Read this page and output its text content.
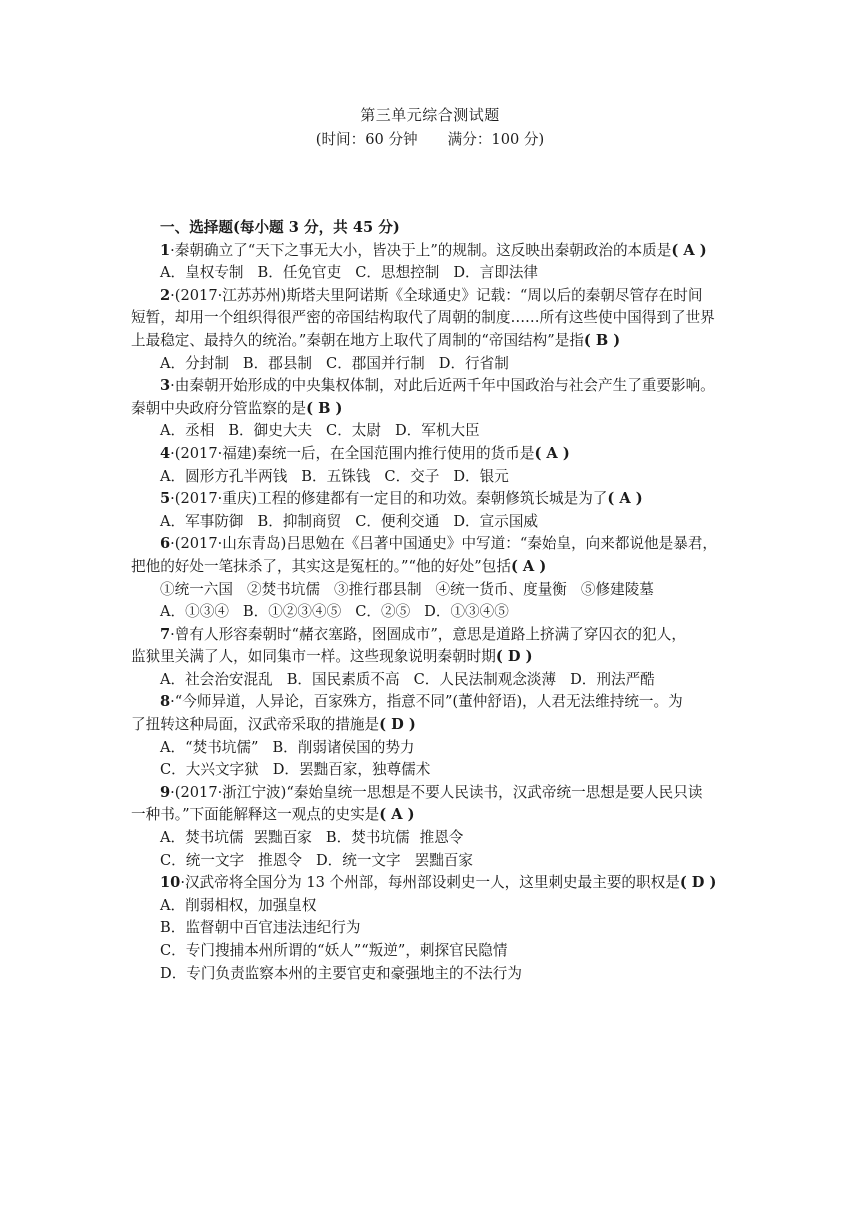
第三单元综合测试题
(时间：60 分钟 满分：100 分)
一、选择题(每小题 3 分，共 45 分)
1·秦朝确立了“天下之事无大小，皆决于上”的规制。这反映出秦朝政治的本质是( A )
A．皇权专制 B．任免官吏 C．思想控制 D．言即法律
2·(2017·江苏苏州)斯塔夫里阿诺斯《全球通史》记载：“周以后的秦朝尽管存在时间
短暂，却用一个组织得很严密的帝国结构取代了周朝的制度……所有这些使中国得到了世界
上最稳定、最持久的统治。”秦朝在地方上取代了周制的“帝国结构”是指( B )
A．分封制 B．郡县制 C．郡国并行制 D．行省制
3·由秦朝开始形成的中央集权体制，对此后近两千年中国政治与社会产生了重要影响。
秦朝中央政府分管监察的是( B )
A．丞相 B．御史大夫 C．太尉 D．军机大臣
4·(2017·福建)秦统一后，在全国范围内推行使用的货币是( A )
A．圆形方孔半两钱 B．五铢钱 C．交子 D．银元
5·(2017·重庆)工程的修建都有一定目的和功效。秦朝修筑长城是为了( A )
A．军事防御 B．抑制商贸 C．便利交通 D．宣示国威
6·(2017·山东青岛)吕思勉在《吕著中国通史》中写道：“秦始皇，向来都说他是暴君，
把他的好处一笔抹杀了，其实这是冤枉的。”“他的好处”包括( A )
①统一六国 ②焚书坑儒 ③推行郡县制 ④统一货币、度量衡 ⑤修建陵墓
A．①③④ B．①②③④⑤ C．②⑤ D．①③④⑤
7·曾有人形容秦朝时“赭衣塞路，囹圄成市”，意思是道路上挤满了穿囚衣的犯人，
监狱里关满了人，如同集市一样。这些现象说明秦朝时期( D )
A．社会治安混乱 B．国民素质不高 C．人民法制观念淡薄 D．刑法严酷
8·“今师异道，人异论，百家殊方，指意不同”(董仲舒语)，人君无法维持统一。为
了扭转这种局面，汉武帝采取的措施是( D )
A．“焚书坑儒” B．削弱诸侯国的势力
C．大兴文字狱 D．罢黜百家，独尊儒术
9·(2017·浙江宁波)“秦始皇统一思想是不要人民读书，汉武帝统一思想是要人民只读
一种书。”下面能解释这一观点的史实是( A )
A．焚书坑儒 罢黜百家 B．焚书坑儒 推恩令
C．统一文字 推恩令 D．统一文字 罢黜百家
10·汉武帝将全国分为 13 个州部，每州部设刺史一人，这里刺史最主要的职权是( D )
A．削弱相权，加强皇权
B．监督朝中百官违法违纪行为
C．专门搜捕本州所谓的“妖人”“叛逆”，刺探官民隐情
D．专门负责监察本州的主要官吏和豪强地主的不法行为
